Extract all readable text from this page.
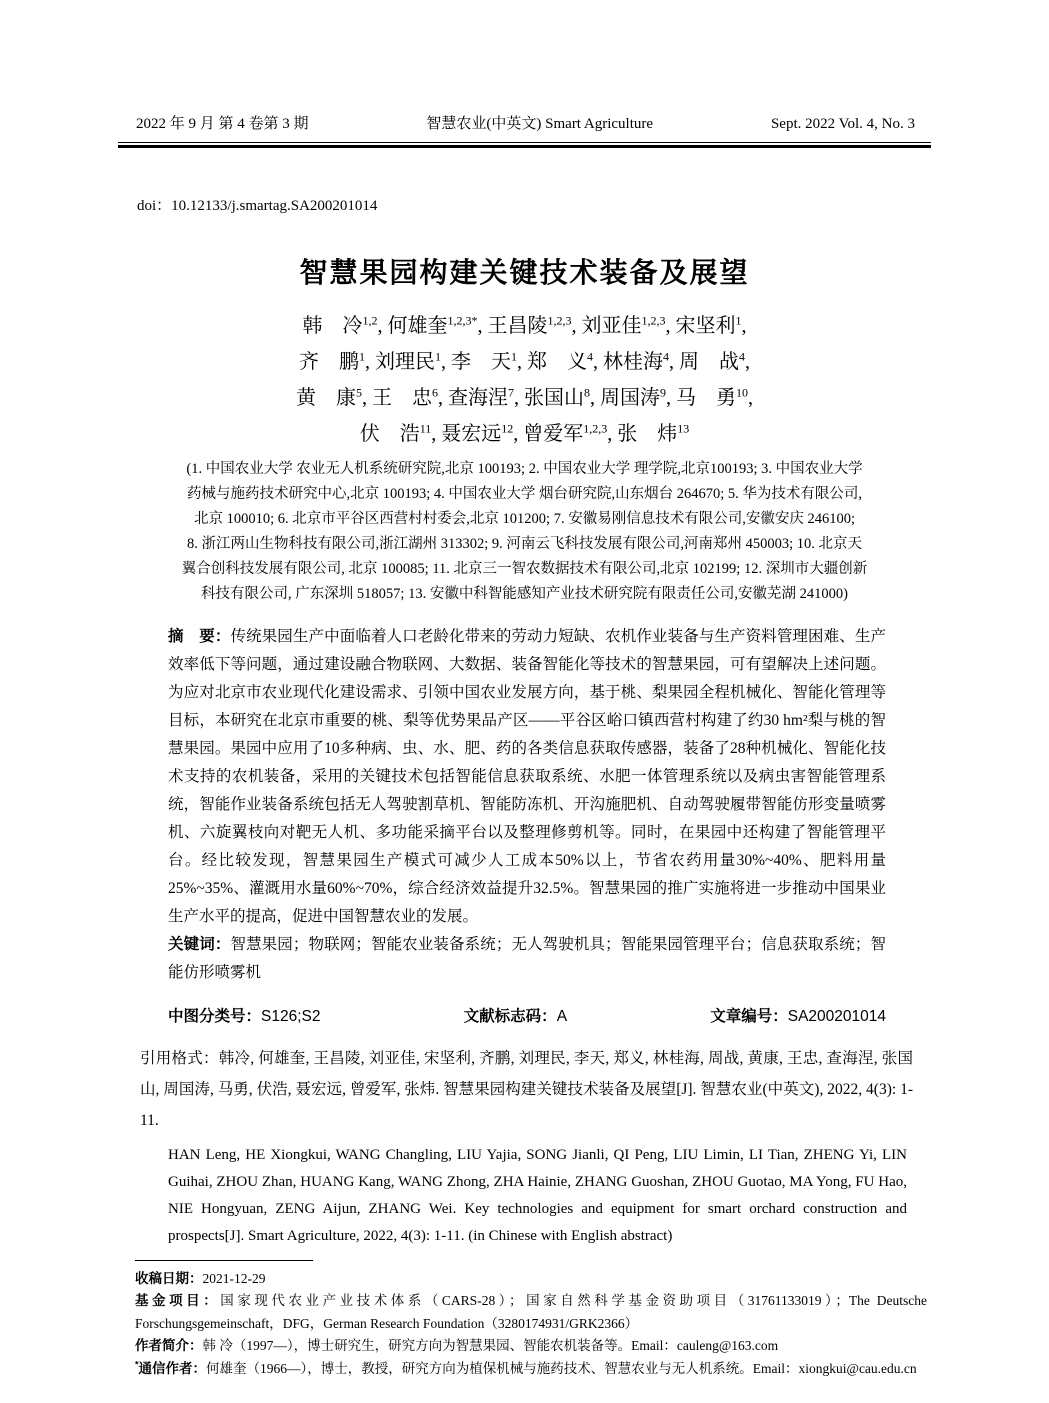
2022 年 9 月 第 4 卷第 3 期	智慧农业(中英文) Smart Agriculture	Sept. 2022 Vol. 4, No. 3
doi：10.12133/j.smartag.SA200201014
智慧果园构建关键技术装备及展望
韩　冷$^{1,2}$, 何雄奎$^{1,2,3*}$, 王昌陵$^{1,2,3}$, 刘亚佳$^{1,2,3}$, 宋坚利$^1$,
齐　鹏$^1$, 刘理民$^1$, 李　天$^1$, 郑　义$^4$, 林桂海$^4$, 周　战$^4$,
黄　康$^5$, 王　忠$^6$, 查海涅$^7$, 张国山$^8$, 周国涛$^9$, 马　勇$^{10}$,
伏　浩$^{11}$, 聂宏远$^{12}$, 曾爱军$^{1,2,3}$, 张　炜$^{13}$
(1. 中国农业大学 农业无人机系统研究院,北京 100193; 2. 中国农业大学 理学院,北京100193; 3. 中国农业大学
药械与施药技术研究中心,北京 100193; 4. 中国农业大学 烟台研究院,山东烟台 264670; 5. 华为技术有限公司,
北京 100010; 6. 北京市平谷区西营村村委会,北京 101200; 7. 安徽易刚信息技术有限公司,安徽安庆 246100;
8. 浙江两山生物科技有限公司,浙江湖州 313302; 9. 河南云飞科技发展有限公司,河南郑州 450003; 10. 北京天
翼合创科技发展有限公司, 北京 100085; 11. 北京三一智农数据技术有限公司,北京 102199; 12. 深圳市大疆创新
科技有限公司, 广东深圳 518057; 13. 安徽中科智能感知产业技术研究院有限责任公司,安徽芜湖 241000)

摘　要：传统果园生产中面临着人口老龄化带来的劳动力短缺、农机作业装备与生产资料管理困难、生产效率低下等问题，通过建设融合物联网、大数据、装备智能化等技术的智慧果园，可有望解决上述问题。为应对北京市农业现代化建设需求、引领中国农业发展方向，基于桃、梨果园全程机械化、智能化管理等目标，本研究在北京市重要的桃、梨等优势果品产区——平谷区峪口镇西营村构建了约30 hm²梨与桃的智慧果园。果园中应用了10多种病、虫、水、肥、药的各类信息获取传感器，装备了28种机械化、智能化技术支持的农机装备，采用的关键技术包括智能信息获取系统、水肥一体管理系统以及病虫害智能管理系统，智能作业装备系统包括无人驾驶割草机、智能防冻机、开沟施肥机、自动驾驶履带智能仿形变量喷雾机、六旋翼枝向对靶无人机、多功能采摘平台以及整理修剪机等。同时，在果园中还构建了智能管理平台。经比较发现，智慧果园生产模式可减少人工成本50%以上，节省农药用量30%~40%、肥料用量25%~35%、灌溉用水量60%~70%，综合经济效益提升32.5%。智慧果园的推广实施将进一步推动中国果业生产水平的提高，促进中国智慧农业的发展。

关键词：智慧果园；物联网；智能农业装备系统；无人驾驶机具；智能果园管理平台；信息获取系统；智能仿形喷雾机

中图分类号：S126;S2	文献标志码：A	文章编号：SA200201014

引用格式：韩冷, 何雄奎, 王昌陵, 刘亚佳, 宋坚利, 齐鹏, 刘理民, 李天, 郑义, 林桂海, 周战, 黄康, 王忠, 查海涅, 张国山, 周国涛, 马勇, 伏浩, 聂宏远, 曾爱军, 张炜. 智慧果园构建关键技术装备及展望[J]. 智慧农业(中英文), 2022, 4(3): 1-11.

HAN Leng, HE Xiongkui, WANG Changling, LIU Yajia, SONG Jianli, QI Peng, LIU Limin, LI Tian, ZHENG Yi, LIN Guihai, ZHOU Zhan, HUANG Kang, WANG Zhong, ZHA Hainie, ZHANG Guoshan, ZHOU Guotao, MA Yong, FU Hao, NIE Hongyuan, ZENG Aijun, ZHANG Wei. Key technologies and equipment for smart orchard construction and prospects[J]. Smart Agriculture, 2022, 4(3): 1-11. (in Chinese with English abstract)

收稿日期：2021-12-29

基金项目：国家现代农业产业技术体系（CARS-28）；国家自然科学基金资助项目（31761133019）；The Deutsche Forschungsgemeinschaft，DFG，German Research Foundation（3280174931/GRK2366）

作者简介：韩 冷（1997—），博士研究生，研究方向为智慧果园、智能农机装备等。Email：cauleng@163.com

*通信作者：何雄奎（1966—），博士，教授，研究方向为植保机械与施药技术、智慧农业与无人机系统。Email：xiongkui@cau.edu.cn
